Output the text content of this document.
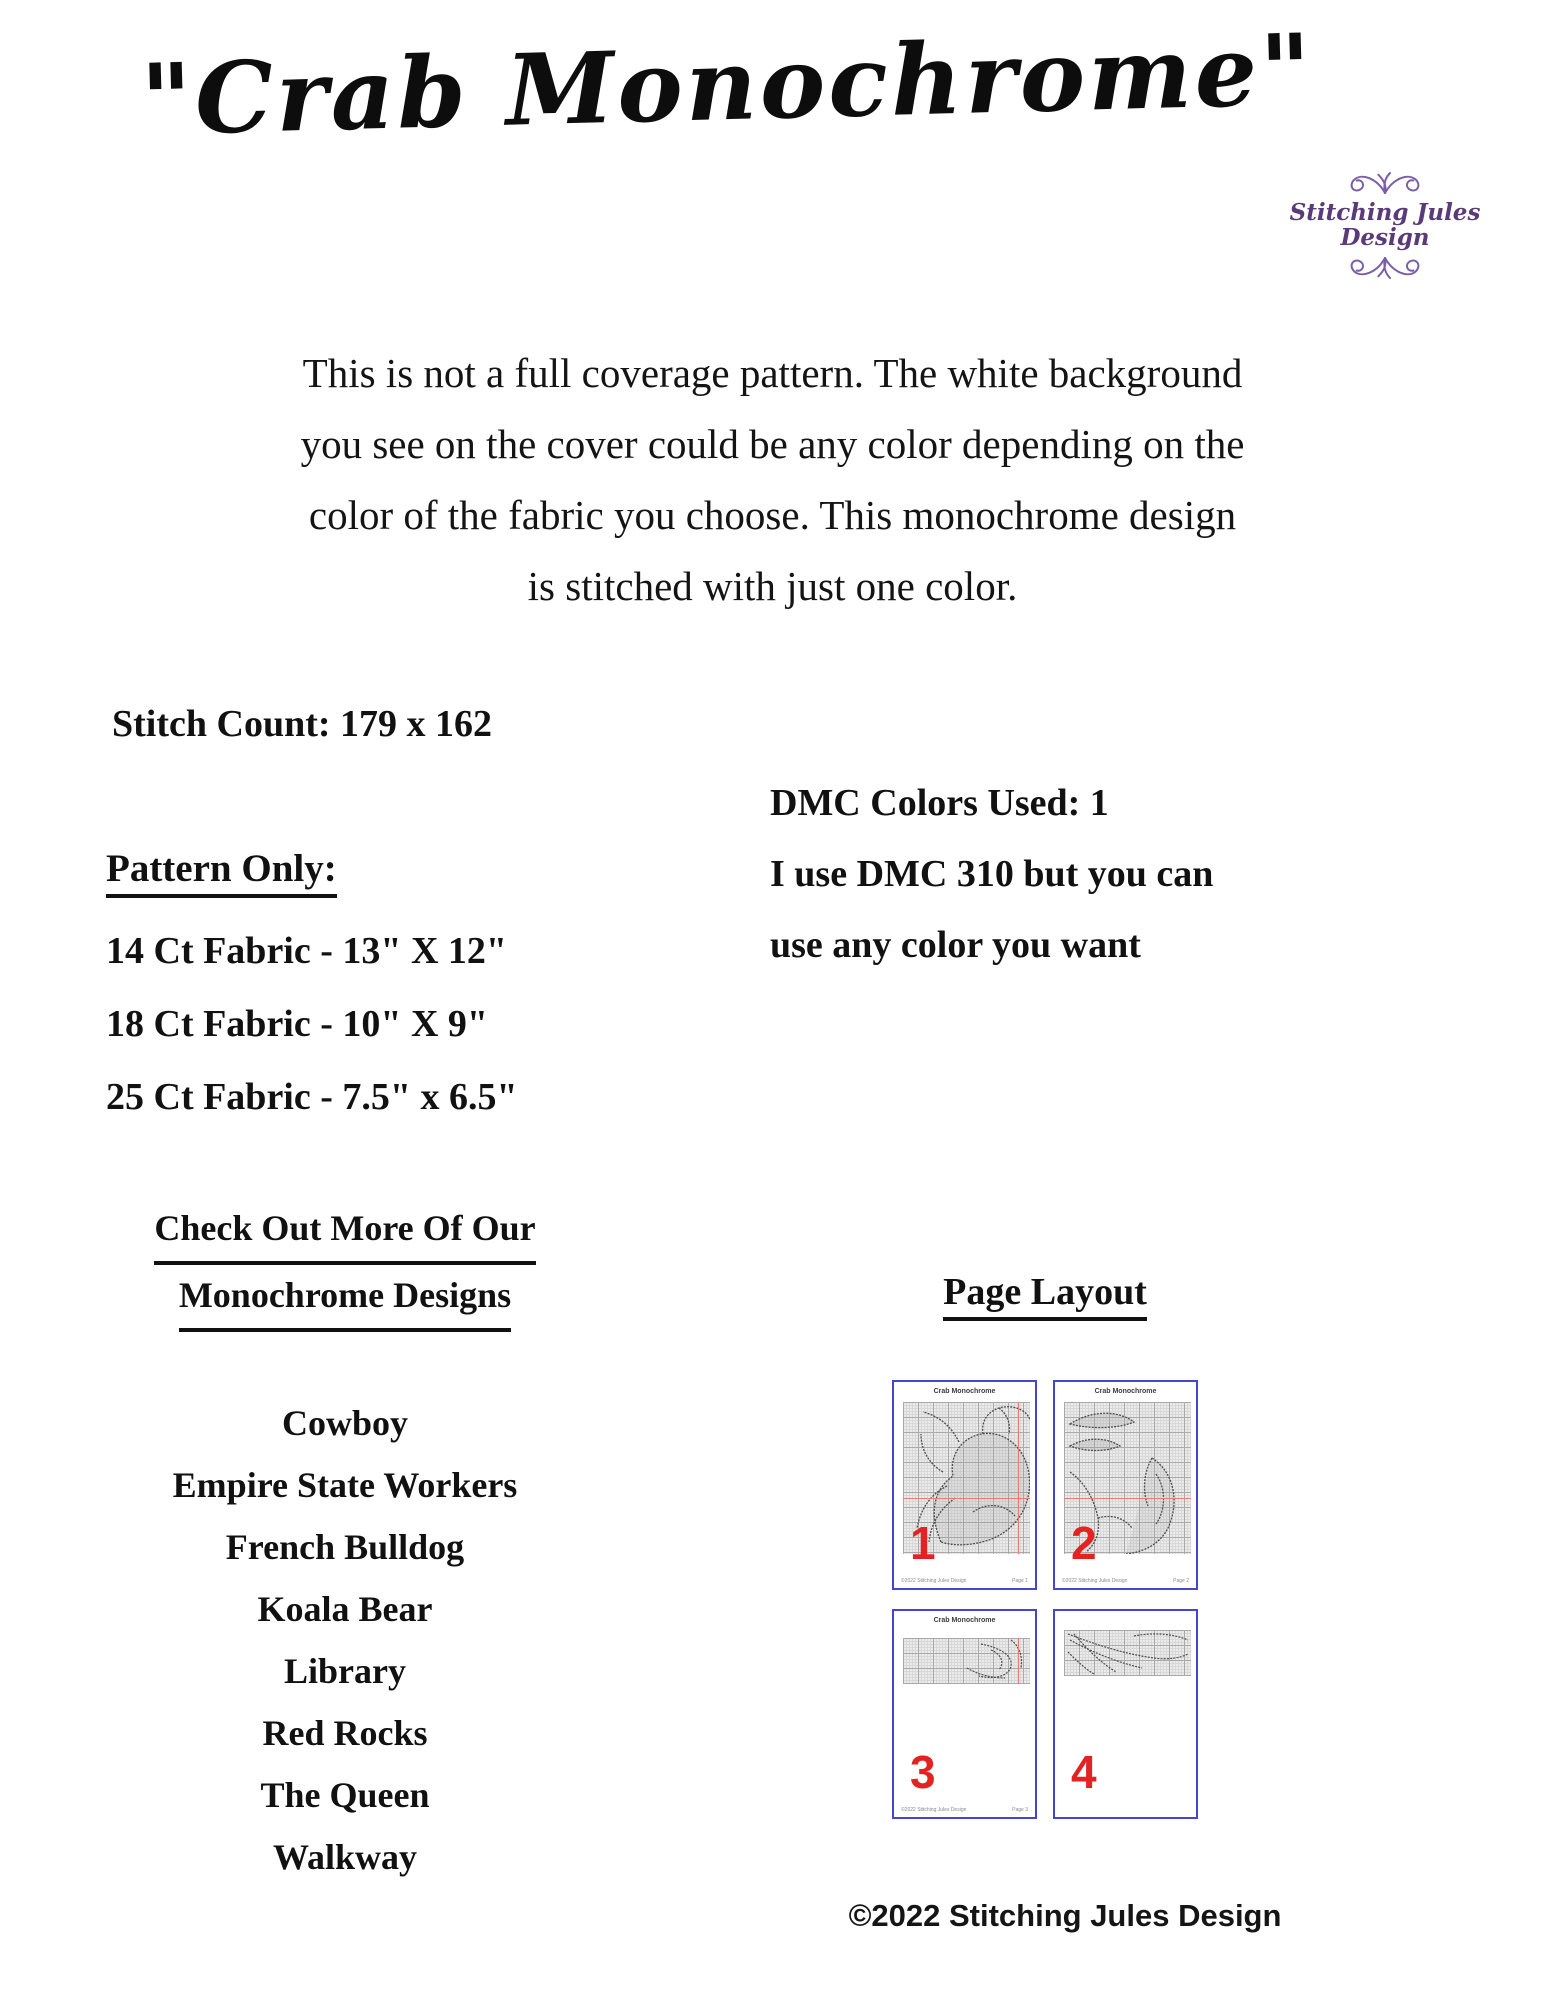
"Crab Monochrome"
Stitching Jules Design
This is not a full coverage pattern. The white background
you see on the cover could be any color depending on the
color of the fabric you choose. This monochrome design
is stitched with just one color.
Stitch Count: 179 x 162
DMC Colors Used: 1
I use DMC 310 but you can
use any color you want
Pattern Only:
14 Ct Fabric - 13" X 12"
18 Ct Fabric - 10" X 9"
25 Ct Fabric - 7.5" x 6.5"
Check Out More Of Our
Monochrome Designs
Cowboy
Empire State Workers
French Bulldog
Koala Bear
Library
Red Rocks
The Queen
Walkway
Page Layout
Crab Monochrome
1
©2022 Stitching Jules Design	Page 1
Crab Monochrome
2
©2022 Stitching Jules Design	Page 2
Crab Monochrome
3
©2022 Stitching Jules Design	Page 3
4
©2022 Stitching Jules Design
